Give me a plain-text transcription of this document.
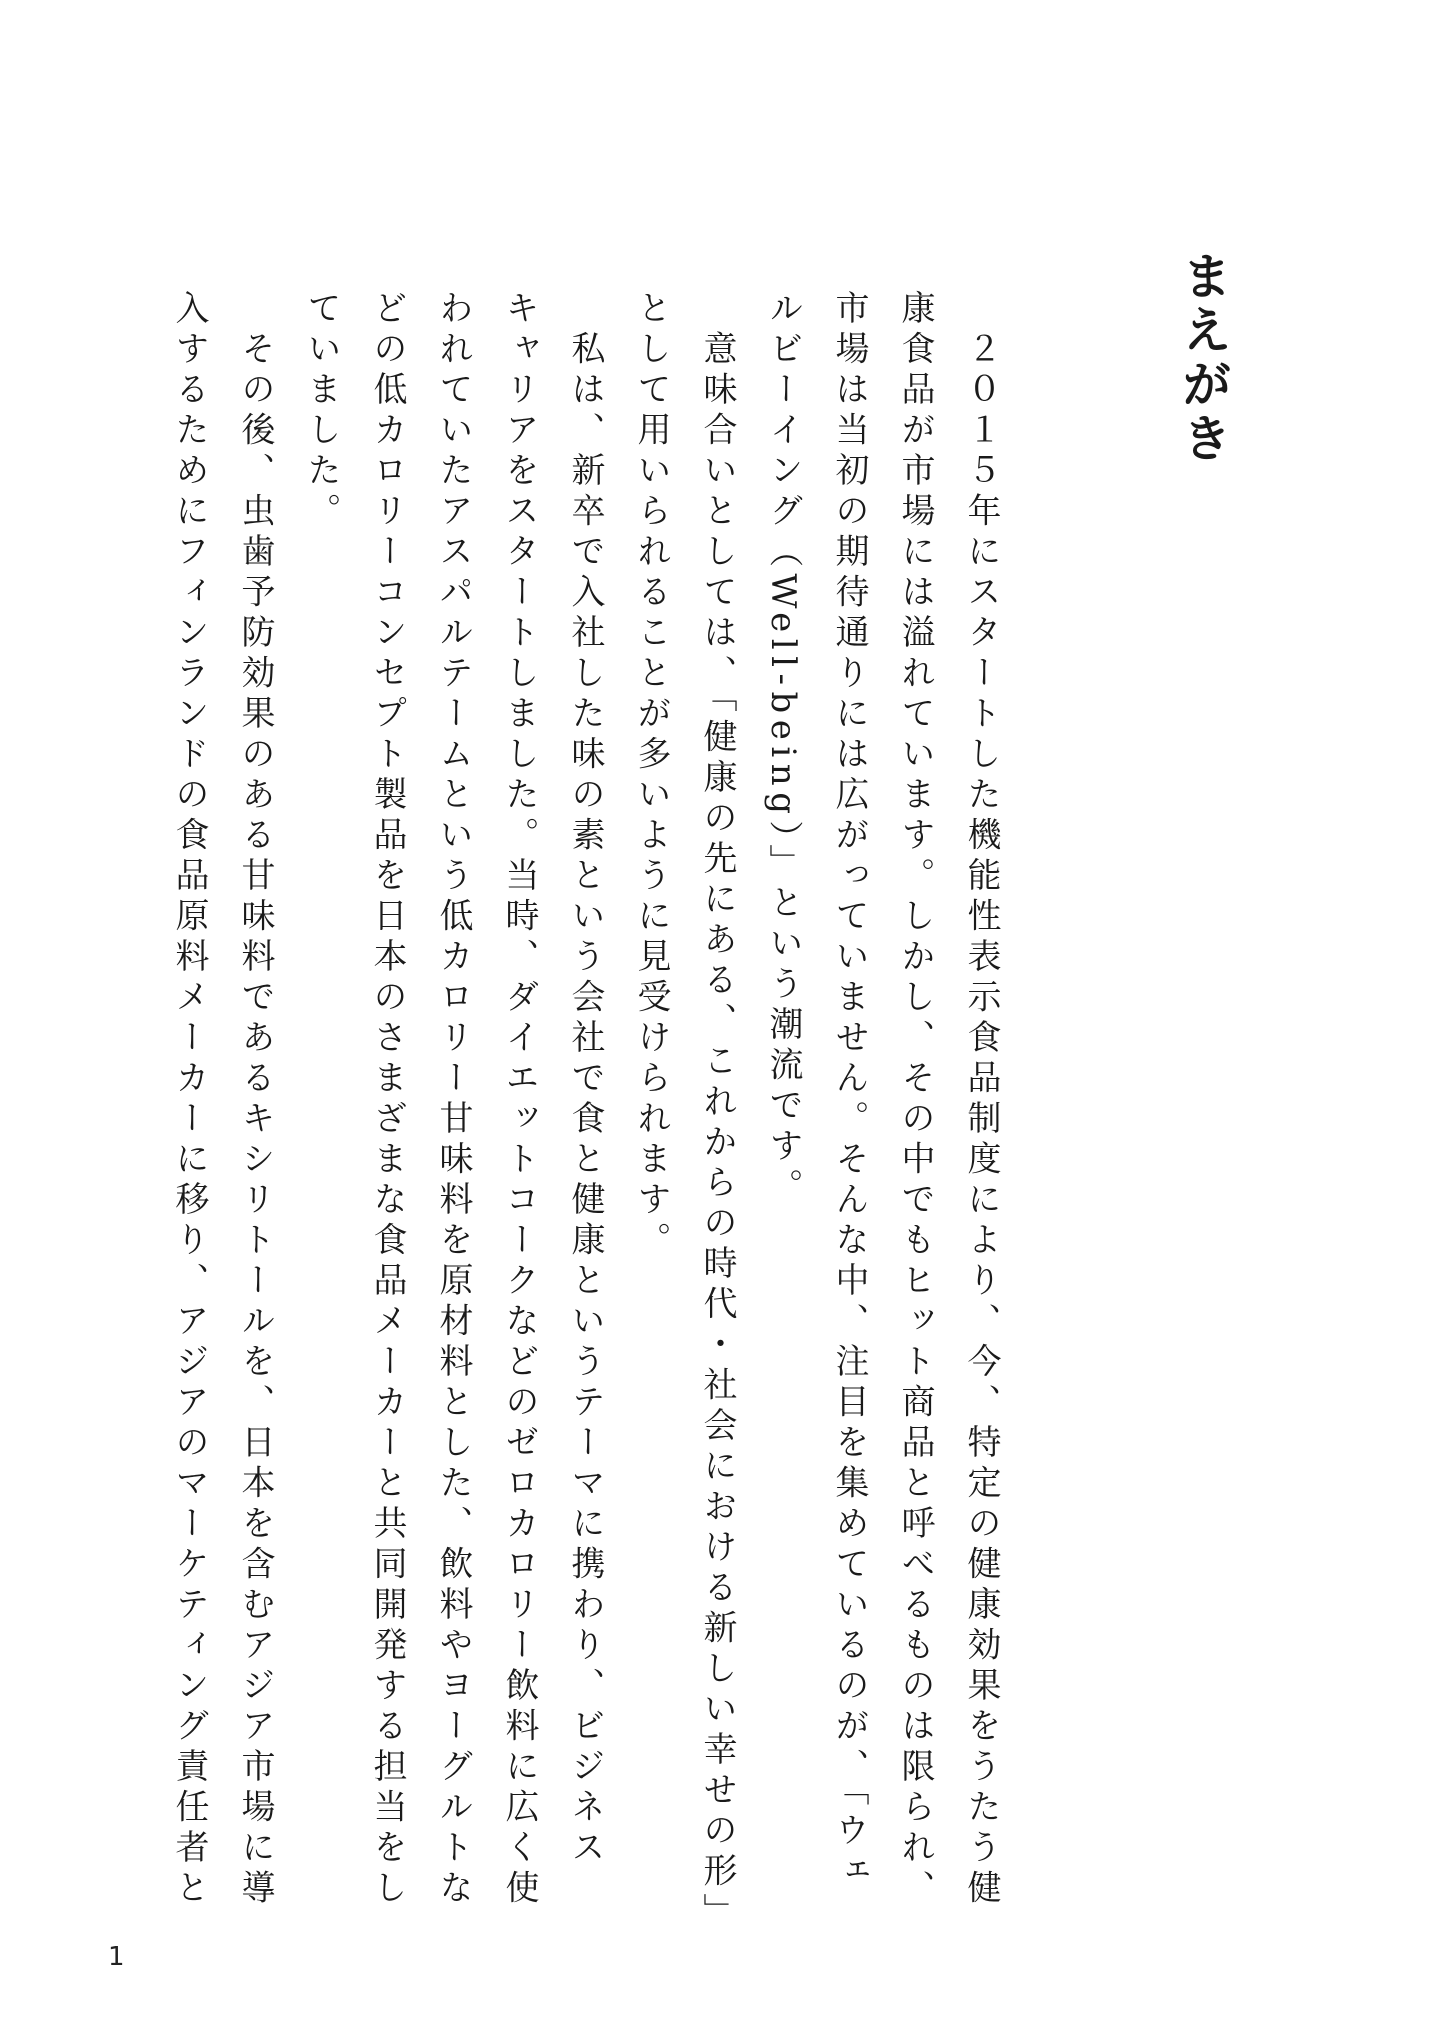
まえがき
　２０１５年にスタートした機能性表示食品制度により、今、特定の健康効果をうたう健
康食品が市場には溢れています。しかし、その中でもヒット商品と呼べるものは限られ、
市場は当初の期待通りには広がっていません。そんな中、注目を集めているのが、「ウェ
ルビーイング（Well-being）」という潮流です。
　意味合いとしては、「健康の先にある、これからの時代・社会における新しい幸せの形」
として用いられることが多いように見受けられます。
　私は、新卒で入社した味の素という会社で食と健康というテーマに携わり、ビジネス
キャリアをスタートしました。当時、ダイエットコークなどのゼロカロリー飲料に広く使
われていたアスパルテームという低カロリー甘味料を原材料とした、飲料やヨーグルトな
どの低カロリーコンセプト製品を日本のさまざまな食品メーカーと共同開発する担当をし
ていました。
　その後、虫歯予防効果のある甘味料であるキシリトールを、日本を含むアジア市場に導
入するためにフィンランドの食品原料メーカーに移り、アジアのマーケティング責任者と
1
